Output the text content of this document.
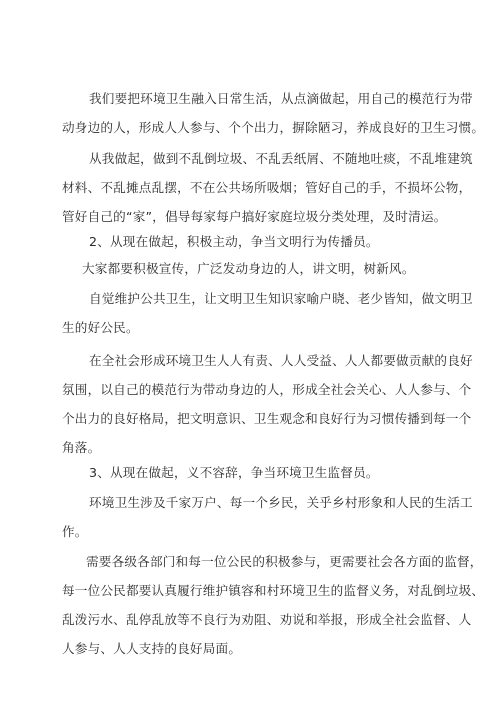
我们要把环境卫生融入日常生活，从点滴做起，用自己的模范行为带
动身边的人，形成人人参与、个个出力，摒除陋习，养成良好的卫生习惯。
从我做起，做到不乱倒垃圾、不乱丢纸屑、不随地吐痰，不乱堆建筑
材料、不乱摊点乱摆，不在公共场所吸烟；管好自己的手，不损坏公物，
管好自己的“家”，倡导每家每户搞好家庭垃圾分类处理，及时清运。
2、从现在做起，积极主动，争当文明行为传播员。
大家都要积极宣传，广泛发动身边的人，讲文明，树新风。
自觉维护公共卫生，让文明卫生知识家喻户晓、老少皆知，做文明卫
生的好公民。
在全社会形成环境卫生人人有责、人人受益、人人都要做贡献的良好
氛围，以自己的模范行为带动身边的人，形成全社会关心、人人参与、个
个出力的良好格局，把文明意识、卫生观念和良好行为习惯传播到每一个
角落。
3、从现在做起，义不容辞，争当环境卫生监督员。
环境卫生涉及千家万户、每一个乡民，关乎乡村形象和人民的生活工
作。
需要各级各部门和每一位公民的积极参与，更需要社会各方面的监督，
每一位公民都要认真履行维护镇容和村环境卫生的监督义务，对乱倒垃圾、
乱泼污水、乱停乱放等不良行为劝阻、劝说和举报，形成全社会监督、人
人参与、人人支持的良好局面。
